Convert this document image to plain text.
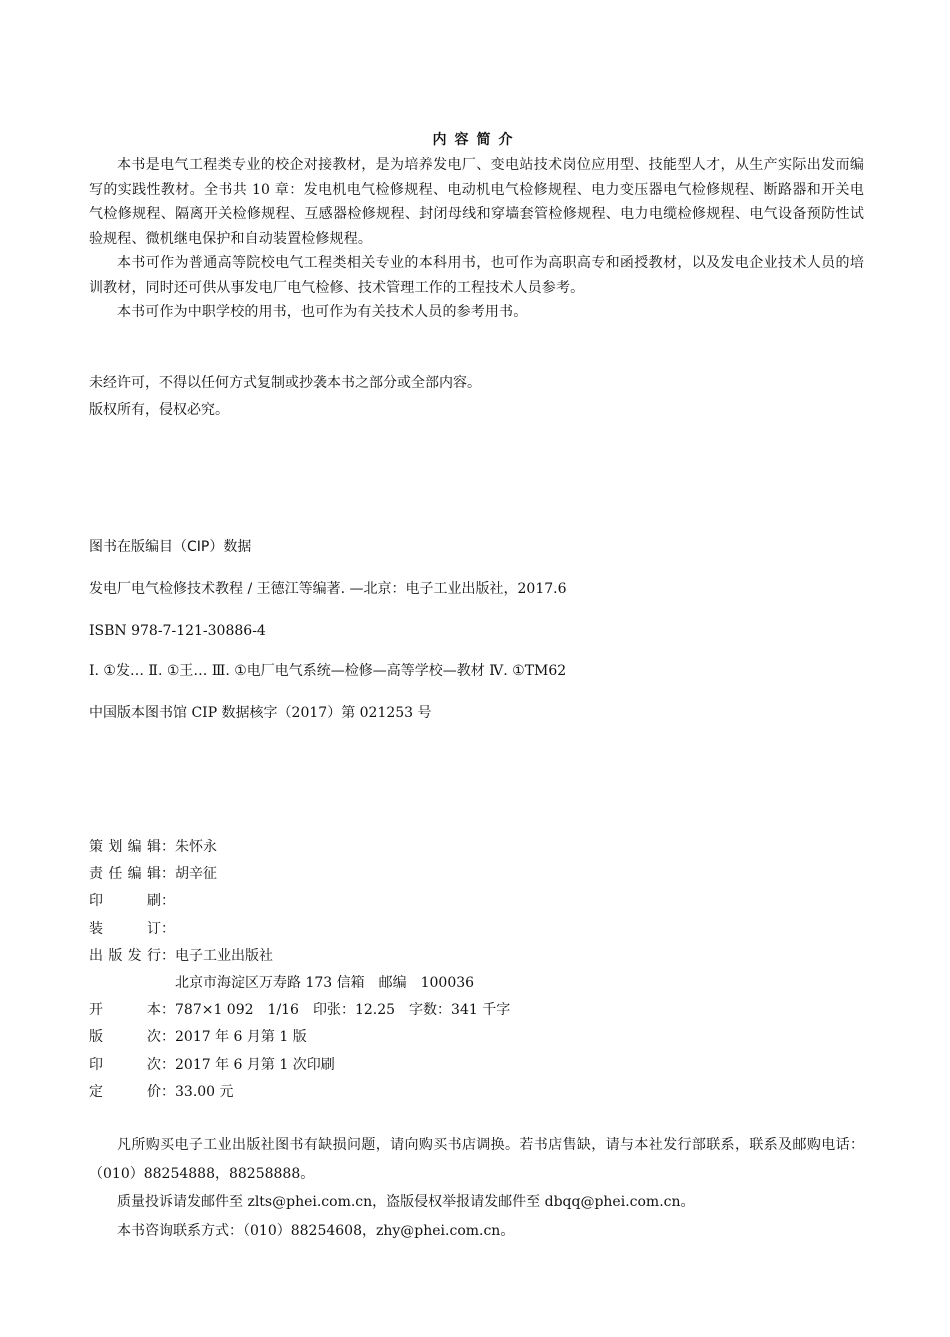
内容简介

本书是电气工程类专业的校企对接教材，是为培养发电厂、变电站技术岗位应用型、技能型人才，从生产实际出发而编写的实践性教材。全书共 10 章：发电机电气检修规程、电动机电气检修规程、电力变压器电气检修规程、断路器和开关电气检修规程、隔离开关检修规程、互感器检修规程、封闭母线和穿墙套管检修规程、电力电缆检修规程、电气设备预防性试验规程、微机继电保护和自动装置检修规程。

本书可作为普通高等院校电气工程类相关专业的本科用书，也可作为高职高专和函授教材，以及发电企业技术人员的培训教材，同时还可供从事发电厂电气检修、技术管理工作的工程技术人员参考。

本书可作为中职学校的用书，也可作为有关技术人员的参考用书。

未经许可，不得以任何方式复制或抄袭本书之部分或全部内容。

版权所有，侵权必究。

图书在版编目（CIP）数据
发电厂电气检修技术教程 / 王德江等编著. —北京：电子工业出版社，2017.6
ISBN 978-7-121-30886-4
Ⅰ. ①发… Ⅱ. ①王… Ⅲ. ①电厂电气系统—检修—高等学校—教材 Ⅳ. ①TM62
中国版本图书馆 CIP 数据核字（2017）第 021253 号
策 划 编 辑 ： 朱怀永
责 任 编 辑 ： 胡辛征
印	刷 ：
装	订 ：
出 版 发 行 ： 电子工业出版社

北京市海淀区万寿路 173 信箱　邮编　100036
开	本 ： 787×1 092　1/16　印张：12.25　字数：341 千字
版	次 ： 2017 年 6 月第 1 版
印	次 ： 2017 年 6 月第 1 次印刷
定	价 ： 33.00 元

凡所购买电子工业出版社图书有缺损问题，请向购买书店调换。若书店售缺，请与本社发行部联系，联系及邮购电话：（010）88254888，88258888。

质量投诉请发邮件至 zlts@phei.com.cn，盗版侵权举报请发邮件至 dbqq@phei.com.cn。

本书咨询联系方式：（010）88254608，zhy@phei.com.cn。
